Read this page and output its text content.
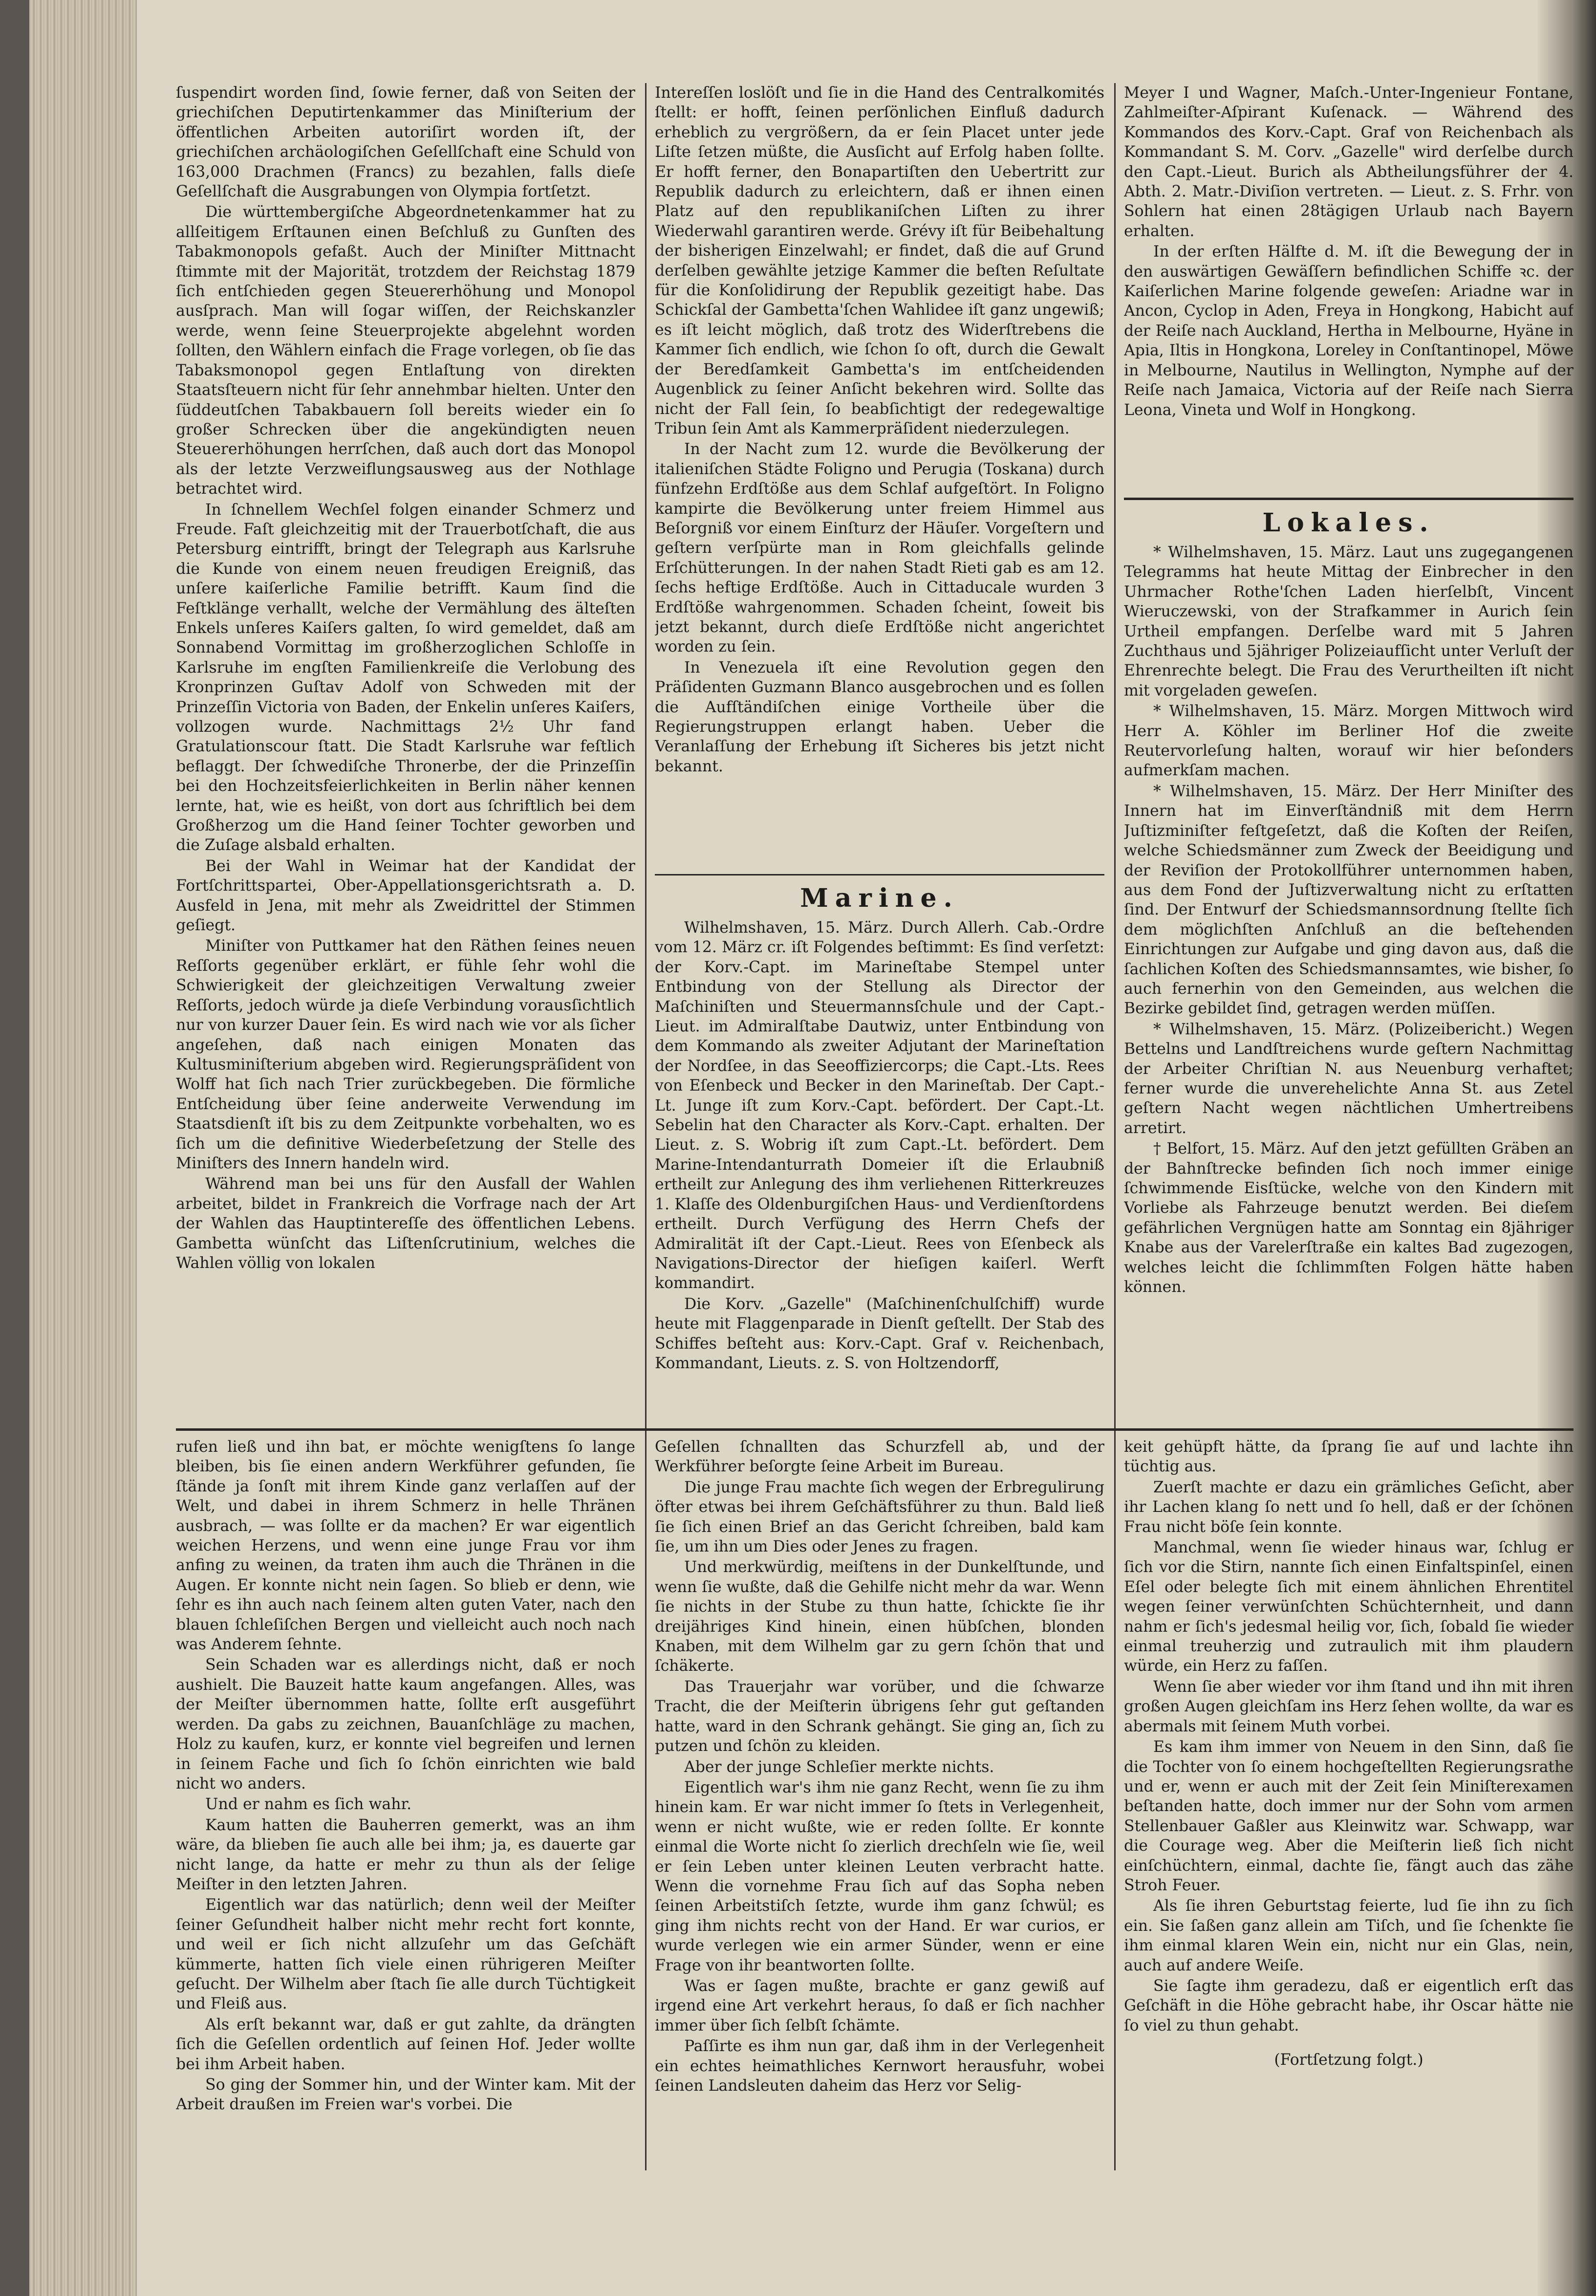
ſuspendirt worden ſind, ſowie ferner, daß von Seiten der griechiſchen Deputirtenkammer das Miniſterium der öffentlichen Arbeiten autoriſirt worden iſt, der griechiſchen archäologiſchen Geſellſchaft eine Schuld von 163,000 Drachmen (Francs) zu bezahlen, falls dieſe Geſellſchaft die Ausgrabungen von Olympia fortſetzt.

Die württembergiſche Abgeordnetenkammer hat zu allſeitigem Erſtaunen einen Beſchluß zu Gunſten des Tabakmonopols gefaßt. Auch der Miniſter Mittnacht ſtimmte mit der Majorität, trotzdem der Reichstag 1879 ſich entſchieden gegen Steuererhöhung und Monopol ausſprach. Man will ſogar wiſſen, der Reichskanzler werde, wenn ſeine Steuerprojekte abgelehnt worden ſollten, den Wählern einfach die Frage vorlegen, ob ſie das Tabaksmonopol gegen Entlaſtung von direkten Staatsſteuern nicht für ſehr annehmbar hielten. Unter den ſüddeutſchen Tabakbauern ſoll bereits wieder ein ſo großer Schrecken über die angekündigten neuen Steuererhöhungen herrſchen, daß auch dort das Monopol als der letzte Verzweiflungsausweg aus der Nothlage betrachtet wird.

In ſchnellem Wechſel folgen einander Schmerz und Freude. Faſt gleichzeitig mit der Trauerbotſchaft, die aus Petersburg eintrifft, bringt der Telegraph aus Karlsruhe die Kunde von einem neuen freudigen Ereigniß, das unſere kaiſerliche Familie betrifft. Kaum ſind die Feſtklänge verhallt, welche der Vermählung des älteſten Enkels unſeres Kaiſers galten, ſo wird gemeldet, daß am Sonnabend Vormittag im großherzoglichen Schloſſe in Karlsruhe im engſten Familienkreiſe die Verlobung des Kronprinzen Guſtav Adolf von Schweden mit der Prinzeſſin Victoria von Baden, der Enkelin unſeres Kaiſers, vollzogen wurde. Nachmittags 2½ Uhr fand Gratulationscour ſtatt. Die Stadt Karlsruhe war feſtlich beflaggt. Der ſchwediſche Thronerbe, der die Prinzeſſin bei den Hochzeitsfeierlichkeiten in Berlin näher kennen lernte, hat, wie es heißt, von dort aus ſchriftlich bei dem Großherzog um die Hand ſeiner Tochter geworben und die Zuſage alsbald erhalten.

Bei der Wahl in Weimar hat der Kandidat der Fortſchrittspartei, Ober-Appellationsgerichtsrath a. D. Ausfeld in Jena, mit mehr als Zweidrittel der Stimmen geſiegt.

Miniſter von Puttkamer hat den Räthen ſeines neuen Reſſorts gegenüber erklärt, er fühle ſehr wohl die Schwierigkeit der gleichzeitigen Verwaltung zweier Reſſorts, jedoch würde ja dieſe Verbindung vorausſichtlich nur von kurzer Dauer ſein. Es wird nach wie vor als ſicher angeſehen, daß nach einigen Monaten das Kultusminiſterium abgeben wird. Regierungspräſident von Wolff hat ſich nach Trier zurückbegeben. Die förmliche Entſcheidung über ſeine anderweite Verwendung im Staatsdienſt iſt bis zu dem Zeitpunkte vorbehalten, wo es ſich um die definitive Wiederbeſetzung der Stelle des Miniſters des Innern handeln wird.

Während man bei uns für den Ausfall der Wahlen arbeitet, bildet in Frankreich die Vorfrage nach der Art der Wahlen das Hauptintereſſe des öffentlichen Lebens. Gambetta wünſcht das Liſtenſcrutinium, welches die Wahlen völlig von lokalen

Intereſſen loslöſt und ſie in die Hand des Centralkomités ſtellt: er hofft, ſeinen perſönlichen Einfluß dadurch erheblich zu vergrößern, da er ſein Placet unter jede Liſte ſetzen müßte, die Ausſicht auf Erfolg haben ſollte. Er hofft ferner, den Bonapartiſten den Uebertritt zur Republik dadurch zu erleichtern, daß er ihnen einen Platz auf den republikaniſchen Liſten zu ihrer Wiederwahl garantiren werde. Grévy iſt für Beibehaltung der bisherigen Einzelwahl; er findet, daß die auf Grund derſelben gewählte jetzige Kammer die beſten Reſultate für die Konſolidirung der Republik gezeitigt habe. Das Schickſal der Gambetta'ſchen Wahlidee iſt ganz ungewiß; es iſt leicht möglich, daß trotz des Widerſtrebens die Kammer ſich endlich, wie ſchon ſo oft, durch die Gewalt der Beredſamkeit Gambetta's im entſcheidenden Augenblick zu ſeiner Anſicht bekehren wird. Sollte das nicht der Fall ſein, ſo beabſichtigt der redegewaltige Tribun ſein Amt als Kammerpräſident niederzulegen.

In der Nacht zum 12. wurde die Bevölkerung der italieniſchen Städte Foligno und Perugia (Toskana) durch fünfzehn Erdſtöße aus dem Schlaf aufgeſtört. In Foligno kampirte die Bevölkerung unter freiem Himmel aus Beſorgniß vor einem Einſturz der Häuſer. Vorgeſtern und geſtern verſpürte man in Rom gleichfalls gelinde Erſchütterungen. In der nahen Stadt Rieti gab es am 12. ſechs heftige Erdſtöße. Auch in Cittaducale wurden 3 Erdſtöße wahrgenommen. Schaden ſcheint, ſoweit bis jetzt bekannt, durch dieſe Erdſtöße nicht angerichtet worden zu ſein.

In Venezuela iſt eine Revolution gegen den Präſidenten Guzmann Blanco ausgebrochen und es ſollen die Aufſtändiſchen einige Vortheile über die Regierungstruppen erlangt haben. Ueber die Veranlaſſung der Erhebung iſt Sicheres bis jetzt nicht bekannt.

Marine.

Wilhelmshaven, 15. März. Durch Allerh. Cab.-Ordre vom 12. März cr. iſt Folgendes beſtimmt: Es ſind verſetzt: der Korv.-Capt. im Marineſtabe Stempel unter Entbindung von der Stellung als Director der Maſchiniſten und Steuermannsſchule und der Capt.-Lieut. im Admiralſtabe Dautwiz, unter Entbindung von dem Kommando als zweiter Adjutant der Marineſtation der Nordſee, in das Seeoffiziercorps; die Capt.-Lts. Rees von Eſenbeck und Becker in den Marineſtab. Der Capt.-Lt. Junge iſt zum Korv.-Capt. befördert. Der Capt.-Lt. Sebelin hat den Character als Korv.-Capt. erhalten. Der Lieut. z. S. Wobrig iſt zum Capt.-Lt. befördert. Dem Marine-Intendanturrath Domeier iſt die Erlaubniß ertheilt zur Anlegung des ihm verliehenen Ritterkreuzes 1. Klaſſe des Oldenburgiſchen Haus- und Verdienſtordens ertheilt. Durch Verfügung des Herrn Chefs der Admiralität iſt der Capt.-Lieut. Rees von Eſenbeck als Navigations-Director der hieſigen kaiſerl. Werft kommandirt.

Die Korv. „Gazelle" (Maſchinenſchulſchiff) wurde heute mit Flaggenparade in Dienſt geſtellt. Der Stab des Schiffes beſteht aus: Korv.-Capt. Graf v. Reichenbach, Kommandant, Lieuts. z. S. von Holtzendorff,

Meyer I und Wagner, Maſch.-Unter-Ingenieur Fontane, Zahlmeiſter-Aſpirant Kuſenack. — Während des Kommandos des Korv.-Capt. Graf von Reichenbach als Kommandant S. M. Corv. „Gazelle" wird derſelbe durch den Capt.-Lieut. Burich als Abtheilungsführer der 4. Abth. 2. Matr.-Diviſion vertreten. — Lieut. z. S. Frhr. von Sohlern hat einen 28tägigen Urlaub nach Bayern erhalten.

In der erſten Hälfte d. M. iſt die Bewegung der in den auswärtigen Gewäſſern befindlichen Schiffe ꝛc. der Kaiſerlichen Marine folgende geweſen: Ariadne war in Ancon, Cyclop in Aden, Freya in Hongkong, Habicht auf der Reiſe nach Auckland, Hertha in Melbourne, Hyäne in Apia, Iltis in Hongkona, Loreley in Conſtantinopel, Möwe in Melbourne, Nautilus in Wellington, Nymphe auf der Reiſe nach Jamaica, Victoria auf der Reiſe nach Sierra Leona, Vineta und Wolf in Hongkong.

Lokales.

* Wilhelmshaven, 15. März. Laut uns zugegangenen Telegramms hat heute Mittag der Einbrecher in den Uhrmacher Rothe'ſchen Laden hierſelbſt, Vincent Wieruczewski, von der Strafkammer in Aurich ſein Urtheil empfangen. Derſelbe ward mit 5 Jahren Zuchthaus und 5jähriger Polizeiaufſicht unter Verluſt der Ehrenrechte belegt. Die Frau des Verurtheilten iſt nicht mit vorgeladen geweſen.

* Wilhelmshaven, 15. März. Morgen Mittwoch wird Herr A. Köhler im Berliner Hof die zweite Reutervorleſung halten, worauf wir hier beſonders aufmerkſam machen.

* Wilhelmshaven, 15. März. Der Herr Miniſter des Innern hat im Einverſtändniß mit dem Herrn Juſtizminiſter feſtgeſetzt, daß die Koſten der Reiſen, welche Schiedsmänner zum Zweck der Beeidigung und der Reviſion der Protokollführer unternommen haben, aus dem Fond der Juſtizverwaltung nicht zu erſtatten ſind. Der Entwurf der Schiedsmannsordnung ſtellte ſich dem möglichſten Anſchluß an die beſtehenden Einrichtungen zur Aufgabe und ging davon aus, daß die ſachlichen Koſten des Schiedsmannsamtes, wie bisher, ſo auch fernerhin von den Gemeinden, aus welchen die Bezirke gebildet ſind, getragen werden müſſen.

* Wilhelmshaven, 15. März. (Polizeibericht.) Wegen Bettelns und Landſtreichens wurde geſtern Nachmittag der Arbeiter Chriſtian N. aus Neuenburg verhaftet; ferner wurde die unverehelichte Anna St. aus Zetel geſtern Nacht wegen nächtlichen Umhertreibens arretirt.

† Belfort, 15. März. Auf den jetzt gefüllten Gräben an der Bahnſtrecke befinden ſich noch immer einige ſchwimmende Eisſtücke, welche von den Kindern mit Vorliebe als Fahrzeuge benutzt werden. Bei dieſem gefährlichen Vergnügen hatte am Sonntag ein 8jähriger Knabe aus der Varelerſtraße ein kaltes Bad zugezogen, welches leicht die ſchlimmſten Folgen hätte haben können.

rufen ließ und ihn bat, er möchte wenigſtens ſo lange bleiben, bis ſie einen andern Werkführer gefunden, ſie ſtände ja ſonſt mit ihrem Kinde ganz verlaſſen auf der Welt, und dabei in ihrem Schmerz in helle Thränen ausbrach, — was ſollte er da machen? Er war eigentlich weichen Herzens, und wenn eine junge Frau vor ihm anfing zu weinen, da traten ihm auch die Thränen in die Augen. Er konnte nicht nein ſagen. So blieb er denn, wie ſehr es ihn auch nach ſeinem alten guten Vater, nach den blauen ſchleſiſchen Bergen und vielleicht auch noch nach was Anderem ſehnte.

Sein Schaden war es allerdings nicht, daß er noch aushielt. Die Bauzeit hatte kaum angefangen. Alles, was der Meiſter übernommen hatte, ſollte erſt ausgeführt werden. Da gabs zu zeichnen, Bauanſchläge zu machen, Holz zu kaufen, kurz, er konnte viel begreifen und lernen in ſeinem Fache und ſich ſo ſchön einrichten wie bald nicht wo anders.

Und er nahm es ſich wahr.

Kaum hatten die Bauherren gemerkt, was an ihm wäre, da blieben ſie auch alle bei ihm; ja, es dauerte gar nicht lange, da hatte er mehr zu thun als der ſelige Meiſter in den letzten Jahren.

Eigentlich war das natürlich; denn weil der Meiſter ſeiner Geſundheit halber nicht mehr recht fort konnte, und weil er ſich nicht allzuſehr um das Geſchäft kümmerte, hatten ſich viele einen rührigeren Meiſter geſucht. Der Wilhelm aber ſtach ſie alle durch Tüchtigkeit und Fleiß aus.

Als erſt bekannt war, daß er gut zahlte, da drängten ſich die Geſellen ordentlich auf ſeinen Hof. Jeder wollte bei ihm Arbeit haben.

So ging der Sommer hin, und der Winter kam. Mit der Arbeit draußen im Freien war's vorbei. Die

Geſellen ſchnallten das Schurzfell ab, und der Werkführer beſorgte ſeine Arbeit im Bureau.

Die junge Frau machte ſich wegen der Erbregulirung öfter etwas bei ihrem Geſchäftsführer zu thun. Bald ließ ſie ſich einen Brief an das Gericht ſchreiben, bald kam ſie, um ihn um Dies oder Jenes zu fragen.

Und merkwürdig, meiſtens in der Dunkelſtunde, und wenn ſie wußte, daß die Gehilfe nicht mehr da war. Wenn ſie nichts in der Stube zu thun hatte, ſchickte ſie ihr dreijähriges Kind hinein, einen hübſchen, blonden Knaben, mit dem Wilhelm gar zu gern ſchön that und ſchäkerte.

Das Trauerjahr war vorüber, und die ſchwarze Tracht, die der Meiſterin übrigens ſehr gut geſtanden hatte, ward in den Schrank gehängt. Sie ging an, ſich zu putzen und ſchön zu kleiden.

Aber der junge Schleſier merkte nichts.

Eigentlich war's ihm nie ganz Recht, wenn ſie zu ihm hinein kam. Er war nicht immer ſo ſtets in Verlegenheit, wenn er nicht wußte, wie er reden ſollte. Er konnte einmal die Worte nicht ſo zierlich drechſeln wie ſie, weil er ſein Leben unter kleinen Leuten verbracht hatte. Wenn die vornehme Frau ſich auf das Sopha neben ſeinen Arbeitstiſch ſetzte, wurde ihm ganz ſchwül; es ging ihm nichts recht von der Hand. Er war curios, er wurde verlegen wie ein armer Sünder, wenn er eine Frage von ihr beantworten ſollte.

Was er ſagen mußte, brachte er ganz gewiß auf irgend eine Art verkehrt heraus, ſo daß er ſich nachher immer über ſich ſelbſt ſchämte.

Paſſirte es ihm nun gar, daß ihm in der Verlegenheit ein echtes heimathliches Kernwort herausfuhr, wobei ſeinen Landsleuten daheim das Herz vor Selig-

keit gehüpft hätte, da ſprang ſie auf und lachte ihn tüchtig aus.

Zuerſt machte er dazu ein grämliches Geſicht, aber ihr Lachen klang ſo nett und ſo hell, daß er der ſchönen Frau nicht böſe ſein konnte.

Manchmal, wenn ſie wieder hinaus war, ſchlug er ſich vor die Stirn, nannte ſich einen Einfaltspinſel, einen Eſel oder belegte ſich mit einem ähnlichen Ehrentitel wegen ſeiner verwünſchten Schüchternheit, und dann nahm er ſich's jedesmal heilig vor, ſich, ſobald ſie wieder einmal treuherzig und zutraulich mit ihm plaudern würde, ein Herz zu faſſen.

Wenn ſie aber wieder vor ihm ſtand und ihn mit ihren großen Augen gleichſam ins Herz ſehen wollte, da war es abermals mit ſeinem Muth vorbei.

Es kam ihm immer von Neuem in den Sinn, daß ſie die Tochter von ſo einem hochgeſtellten Regierungsrathe und er, wenn er auch mit der Zeit ſein Miniſterexamen beſtanden hatte, doch immer nur der Sohn vom armen Stellenbauer Gaßler aus Kleinwitz war. Schwapp, war die Courage weg. Aber die Meiſterin ließ ſich nicht einſchüchtern, einmal, dachte ſie, fängt auch das zähe Stroh Feuer.

Als ſie ihren Geburtstag feierte, lud ſie ihn zu ſich ein. Sie ſaßen ganz allein am Tiſch, und ſie ſchenkte ſie ihm einmal klaren Wein ein, nicht nur ein Glas, nein, auch auf andere Weiſe.

Sie ſagte ihm geradezu, daß er eigentlich erſt das Geſchäft in die Höhe gebracht habe, ihr Oscar hätte nie ſo viel zu thun gehabt.

(Fortſetzung folgt.)
